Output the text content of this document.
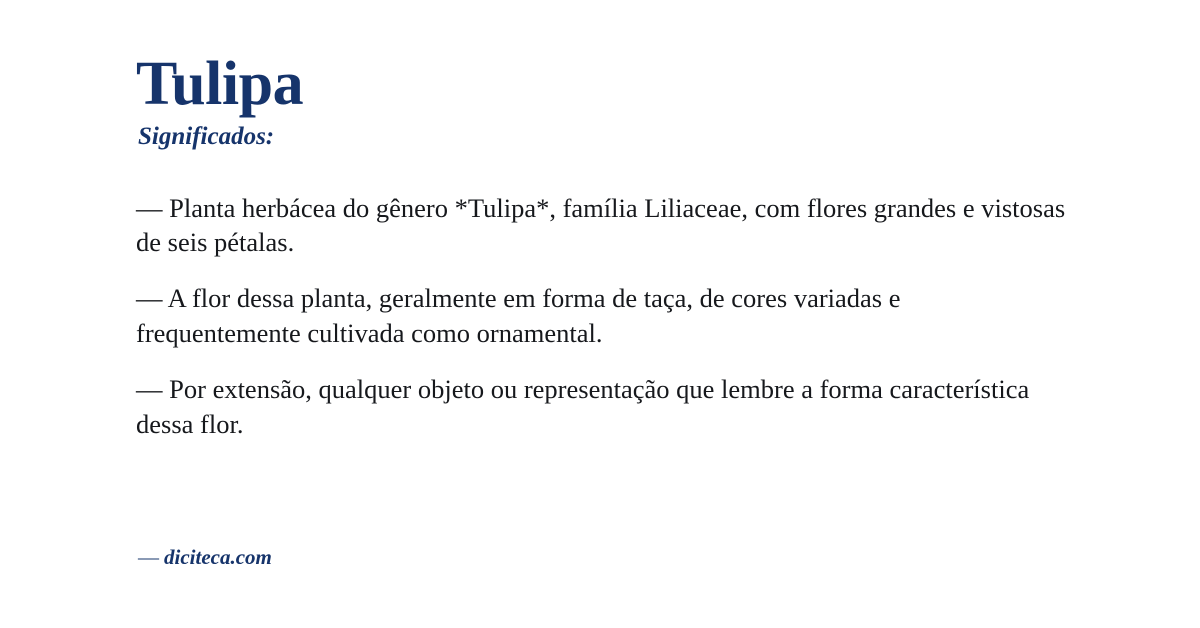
Tulipa
Significados:

— Planta herbácea do gênero *Tulipa*, família Liliaceae, com flores grandes e vistosas de seis pétalas.

— A flor dessa planta, geralmente em forma de taça, de cores variadas e frequentemente cultivada como ornamental.

— Por extensão, qualquer objeto ou representação que lembre a forma característica dessa flor.

— diciteca.com
